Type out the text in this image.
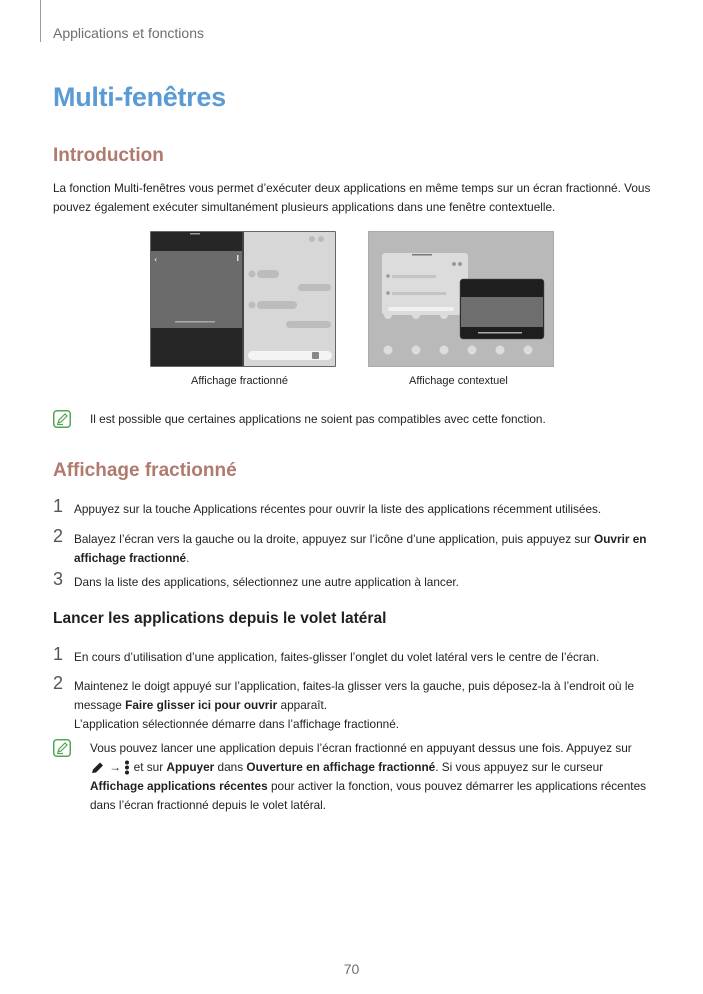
Applications et fonctions
Multi-fenêtres
Introduction
La fonction Multi-fenêtres vous permet d’exécuter deux applications en même temps sur un écran fractionné. Vous pouvez également exécuter simultanément plusieurs applications dans une fenêtre contextuelle.
‹
Affichage fractionné	Affichage contextuel
Il est possible que certaines applications ne soient pas compatibles avec cette fonction.
Affichage fractionné
1 Appuyez sur la touche Applications récentes pour ouvrir la liste des applications récemment utilisées.
2 Balayez l’écran vers la gauche ou la droite, appuyez sur l’icône d’une application, puis appuyez sur Ouvrir en affichage fractionné.
3 Dans la liste des applications, sélectionnez une autre application à lancer.
Lancer les applications depuis le volet latéral
1 En cours d’utilisation d’une application, faites-glisser l’onglet du volet latéral vers le centre de l’écran.
2 Maintenez le doigt appuyé sur l’application, faites-la glisser vers la gauche, puis déposez-la à l’endroit où le message Faire glisser ici pour ouvrir apparaît.
L’application sélectionnée démarre dans l’affichage fractionné.
Vous pouvez lancer une application depuis l’écran fractionné en appuyant dessus une fois. Appuyez sur  →  et sur Appuyer dans Ouverture en affichage fractionné. Si vous appuyez sur le curseur Affichage applications récentes pour activer la fonction, vous pouvez démarrer les applications récentes dans l’écran fractionné depuis le volet latéral.
70
